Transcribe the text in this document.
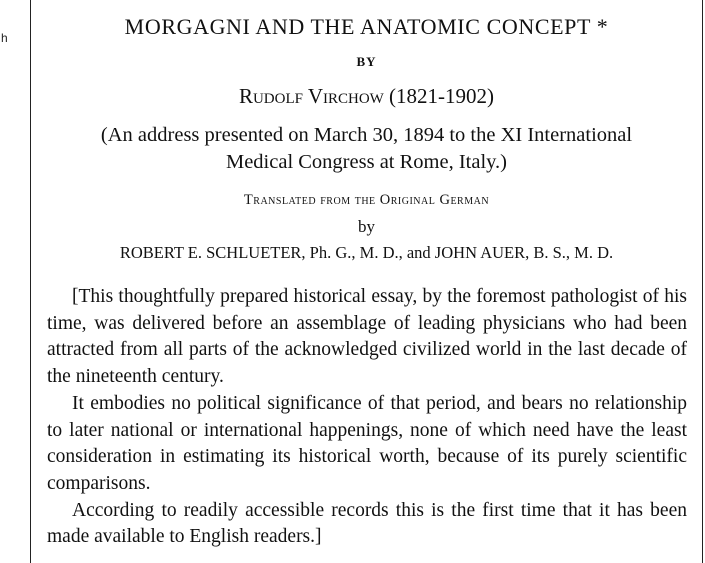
h	MORGAGNI AND THE ANATOMIC CONCEPT *
BY
Rudolf Virchow (1821-1902)
(An address presented on March 30, 1894 to the XI International
Medical Congress at Rome, Italy.)
Translated from the Original German
by
ROBERT E. SCHLUETER, Ph. G., M. D., and JOHN AUER, B. S., M. D.

[This thoughtfully prepared historical essay, by the foremost pathologist of his time, was delivered before an assemblage of leading physicians who had been attracted from all parts of the acknowledged civilized world in the last decade of the nineteenth century.

It embodies no political significance of that period, and bears no relationship to later national or international happenings, none of which need have the least consideration in estimating its historical worth, because of its purely scientific comparisons.

According to readily accessible records this is the first time that it has been made available to English readers.]
